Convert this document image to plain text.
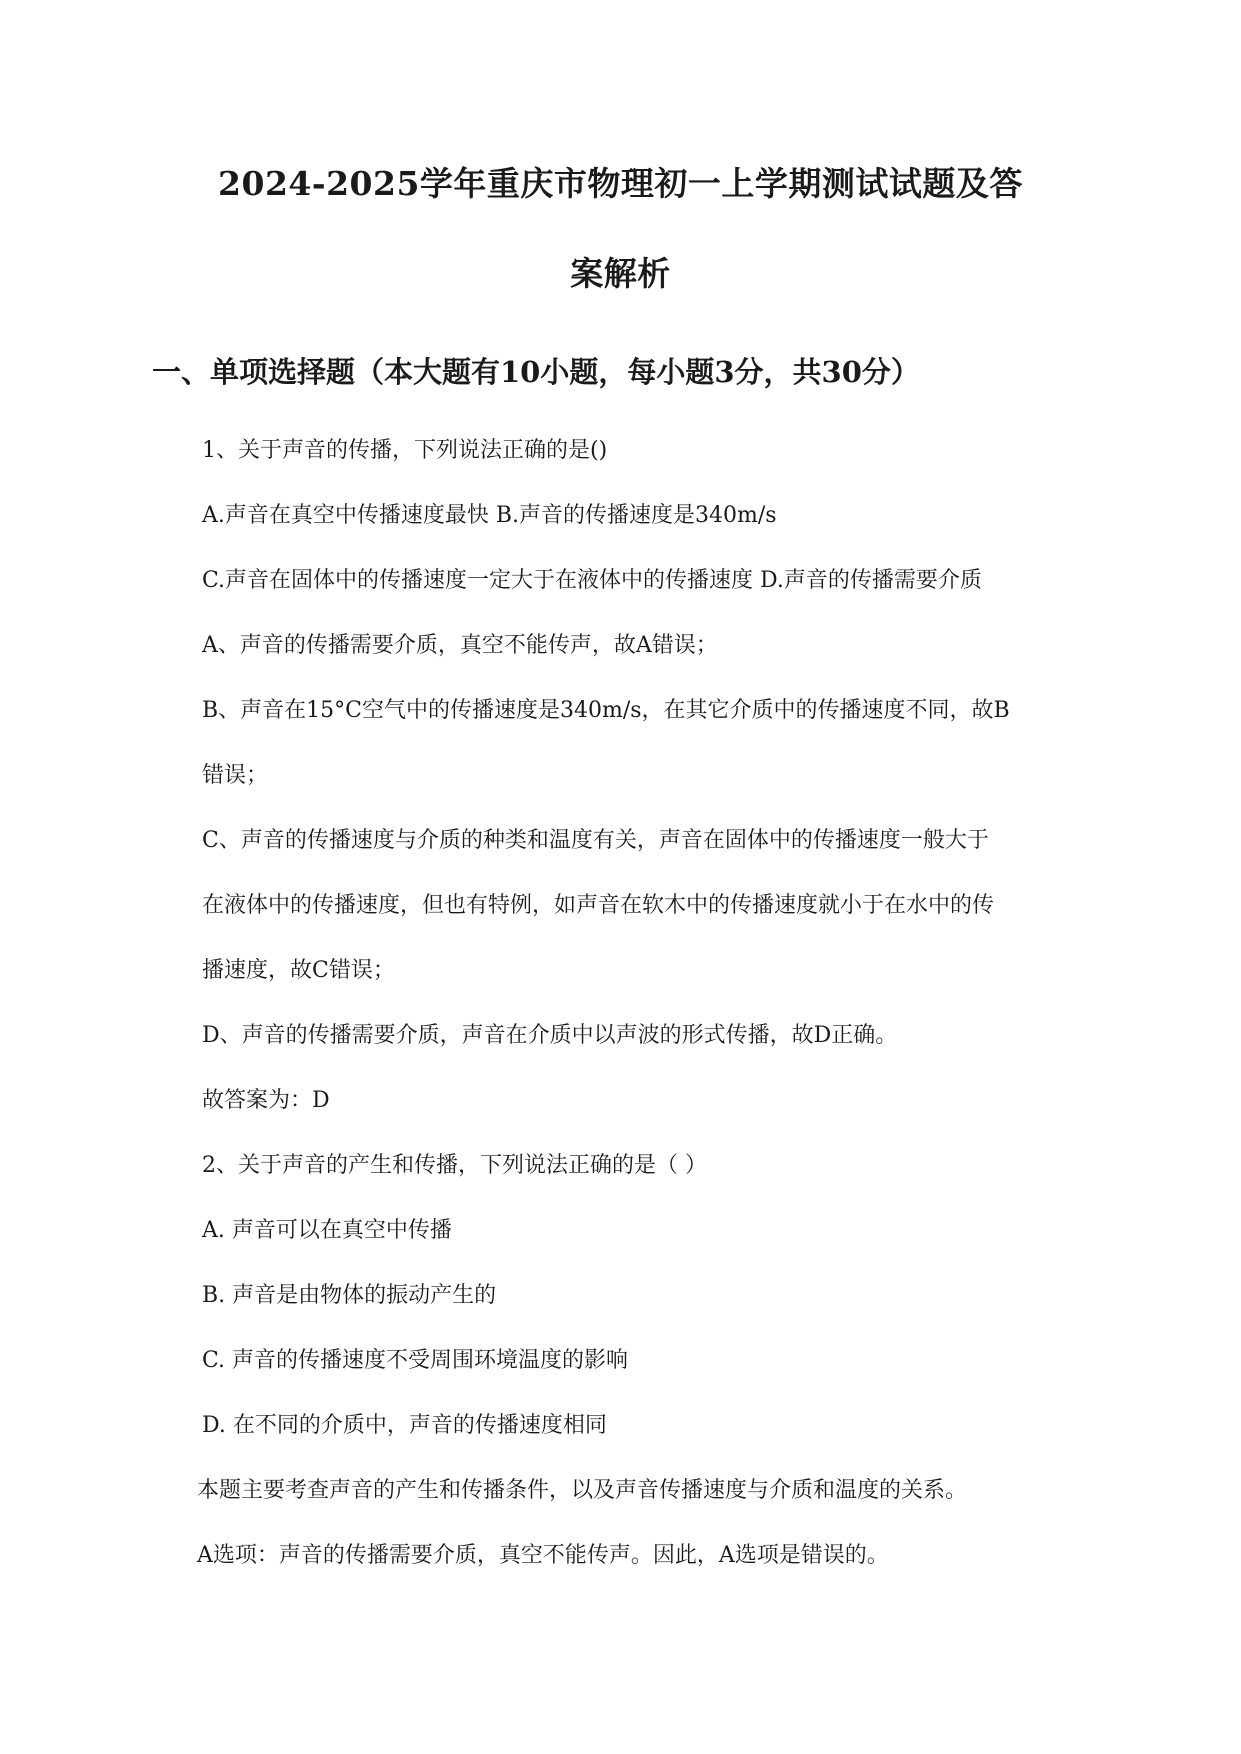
2024-2025学年重庆市物理初一上学期测试试题及答
案解析
一、单项选择题（本大题有10小题，每小题3分，共30分）
1、关于声音的传播，下列说法正确的是()
A.声音在真空中传播速度最快 B.声音的传播速度是340m/s
C.声音在固体中的传播速度一定大于在液体中的传播速度 D.声音的传播需要介质
A、声音的传播需要介质，真空不能传声，故A错误；
B、声音在15°C空气中的传播速度是340m/s，在其它介质中的传播速度不同，故B
错误；
C、声音的传播速度与介质的种类和温度有关，声音在固体中的传播速度一般大于
在液体中的传播速度，但也有特例，如声音在软木中的传播速度就小于在水中的传
播速度，故C错误；
D、声音的传播需要介质，声音在介质中以声波的形式传播，故D正确。
故答案为：D
2、关于声音的产生和传播，下列说法正确的是（ ）
A. 声音可以在真空中传播
B. 声音是由物体的振动产生的
C. 声音的传播速度不受周围环境温度的影响
D. 在不同的介质中，声音的传播速度相同
本题主要考查声音的产生和传播条件，以及声音传播速度与介质和温度的关系。
A选项：声音的传播需要介质，真空不能传声。因此，A选项是错误的。
